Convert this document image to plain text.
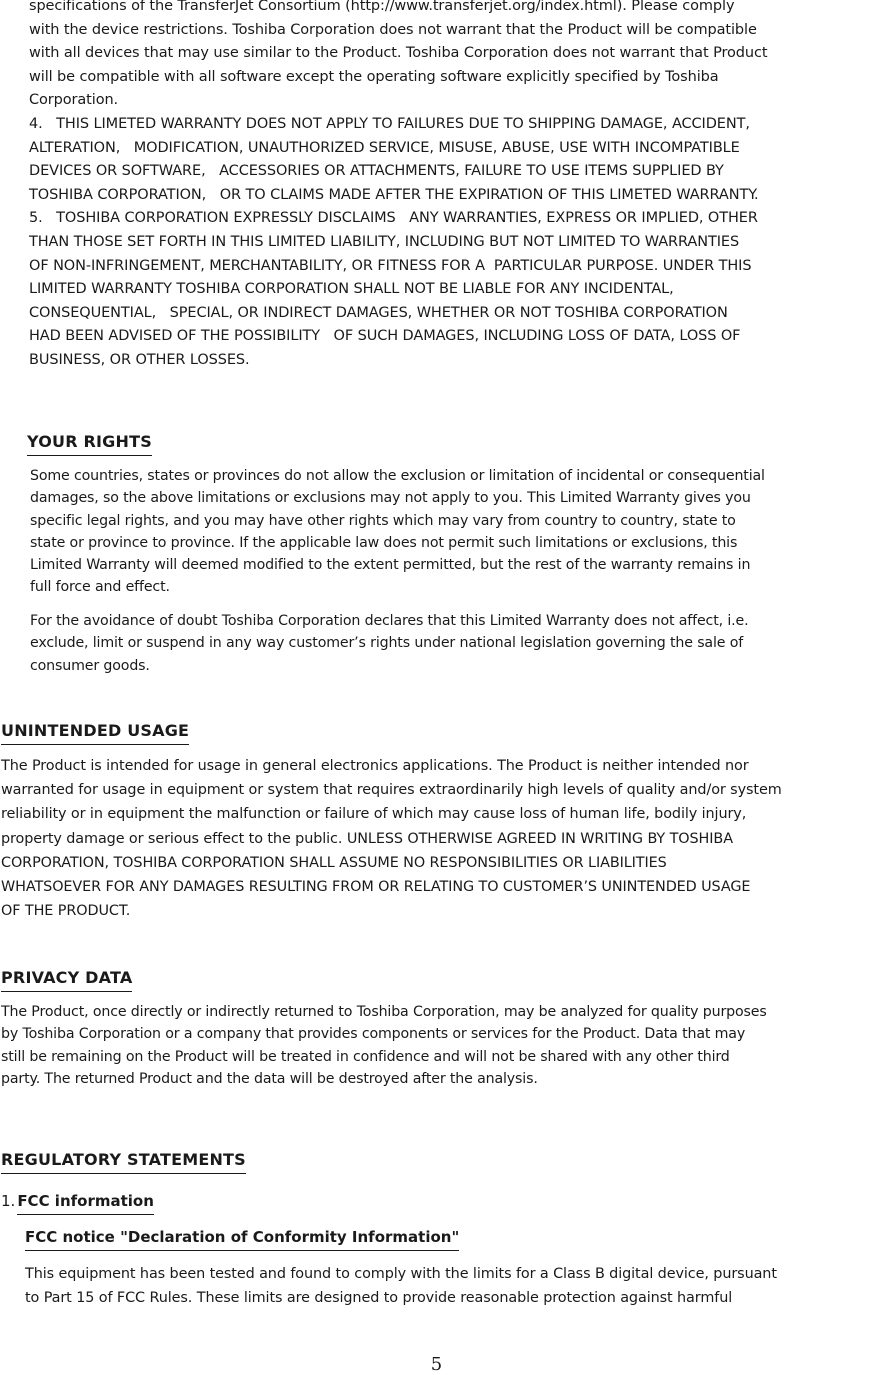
specifications of the TransferJet Consortium (http://www.transferjet.org/index.html). Please comply
with the device restrictions. Toshiba Corporation does not warrant that the Product will be compatible
with all devices that may use similar to the Product. Toshiba Corporation does not warrant that Product
will be compatible with all software except the operating software explicitly specified by Toshiba
Corporation.
4.   THIS LIMETED WARRANTY DOES NOT APPLY TO FAILURES DUE TO SHIPPING DAMAGE, ACCIDENT,
ALTERATION,   MODIFICATION, UNAUTHORIZED SERVICE, MISUSE, ABUSE, USE WITH INCOMPATIBLE
DEVICES OR SOFTWARE,   ACCESSORIES OR ATTACHMENTS, FAILURE TO USE ITEMS SUPPLIED BY
TOSHIBA CORPORATION,   OR TO CLAIMS MADE AFTER THE EXPIRATION OF THIS LIMETED WARRANTY.
5.   TOSHIBA CORPORATION EXPRESSLY DISCLAIMS   ANY WARRANTIES, EXPRESS OR IMPLIED, OTHER
THAN THOSE SET FORTH IN THIS LIMITED LIABILITY, INCLUDING BUT NOT LIMITED TO WARRANTIES
OF NON-INFRINGEMENT, MERCHANTABILITY, OR FITNESS FOR A  PARTICULAR PURPOSE. UNDER THIS
LIMITED WARRANTY TOSHIBA CORPORATION SHALL NOT BE LIABLE FOR ANY INCIDENTAL,
CONSEQUENTIAL,   SPECIAL, OR INDIRECT DAMAGES, WHETHER OR NOT TOSHIBA CORPORATION
HAD BEEN ADVISED OF THE POSSIBILITY   OF SUCH DAMAGES, INCLUDING LOSS OF DATA, LOSS OF
BUSINESS, OR OTHER LOSSES.
YOUR RIGHTS
Some countries, states or provinces do not allow the exclusion or limitation of incidental or consequential
damages, so the above limitations or exclusions may not apply to you. This Limited Warranty gives you
specific legal rights, and you may have other rights which may vary from country to country, state to
state or province to province. If the applicable law does not permit such limitations or exclusions, this
Limited Warranty will deemed modified to the extent permitted, but the rest of the warranty remains in
full force and effect.
For the avoidance of doubt Toshiba Corporation declares that this Limited Warranty does not affect, i.e.
exclude, limit or suspend in any way customer’s rights under national legislation governing the sale of
consumer goods.
UNINTENDED USAGE
The Product is intended for usage in general electronics applications. The Product is neither intended nor
warranted for usage in equipment or system that requires extraordinarily high levels of quality and/or system
reliability or in equipment the malfunction or failure of which may cause loss of human life, bodily injury,
property damage or serious effect to the public. UNLESS OTHERWISE AGREED IN WRITING BY TOSHIBA
CORPORATION, TOSHIBA CORPORATION SHALL ASSUME NO RESPONSIBILITIES OR LIABILITIES
WHATSOEVER FOR ANY DAMAGES RESULTING FROM OR RELATING TO CUSTOMER’S UNINTENDED USAGE
OF THE PRODUCT.
PRIVACY DATA
The Product, once directly or indirectly returned to Toshiba Corporation, may be analyzed for quality purposes
by Toshiba Corporation or a company that provides components or services for the Product. Data that may
still be remaining on the Product will be treated in confidence and will not be shared with any other third
party. The returned Product and the data will be destroyed after the analysis.
REGULATORY STATEMENTS
1. FCC information
FCC notice "Declaration of Conformity Information"
This equipment has been tested and found to comply with the limits for a Class B digital device, pursuant
to Part 15 of FCC Rules. These limits are designed to provide reasonable protection against harmful
5
